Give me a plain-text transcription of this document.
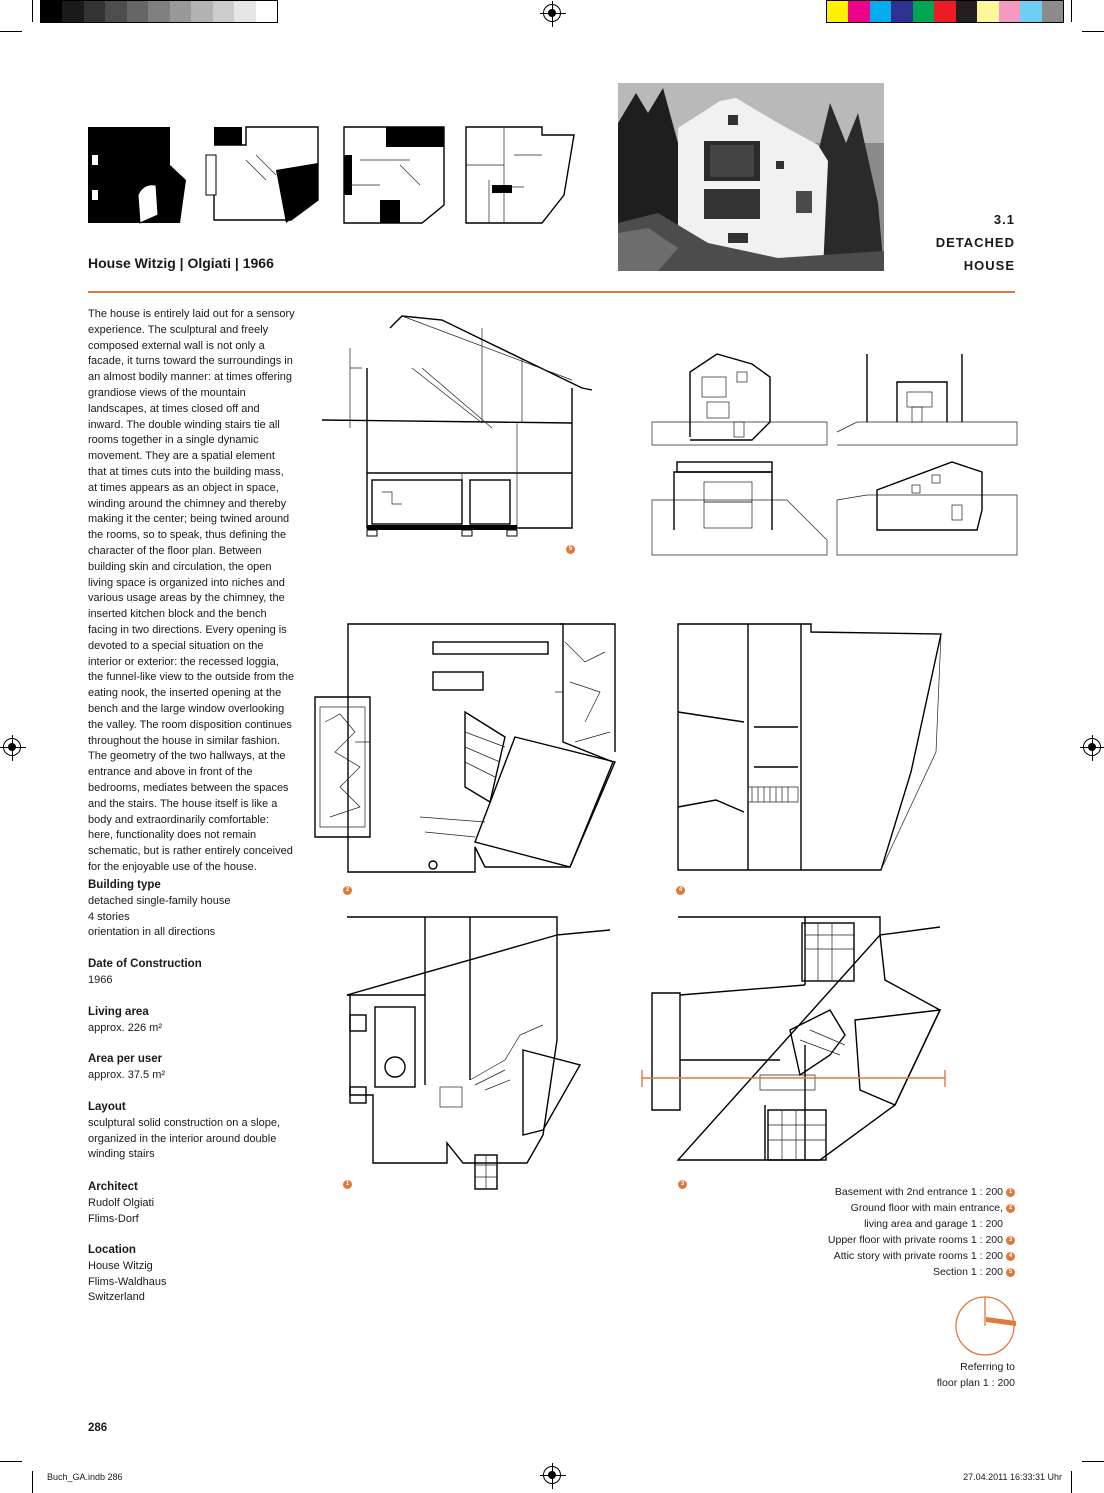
House Witzig | Olgiati | 1966
3.1
DETACHED
HOUSE
The house is entirely laid out for a sensory experience. The sculptural and freely composed external wall is not only a facade, it turns toward the surroundings in an almost bodily manner: at times offering grandiose views of the mountain landscapes, at times closed off and inward. The double winding stairs tie all rooms together in a single dynamic movement. They are a spatial element that at times cuts into the building mass, at times appears as an object in space, winding around the chimney and thereby making it the center; being twined around the rooms, so to speak, thus defining the character of the floor plan. Between building skin and circulation, the open living space is organized into niches and various usage areas by the chimney, the inserted kitchen block and the bench facing in two directions. Every opening is devoted to a special situation on the interior or exterior: the recessed loggia, the funnel-like view to the outside from the eating nook, the inserted opening at the bench and the large window overlooking the valley. The room disposition continues throughout the house in similar fashion. The geometry of the two hallways, at the entrance and above in front of the bedrooms, mediates between the spaces and the stairs. The house itself is like a body and extraordinarily comfortable: here, functionality does not remain schematic, but is rather entirely conceived for the enjoyable use of the house.
Building type
detached single-family house
4 stories
orientation in all directions
Date of Construction
1966
Living area
approx. 226 m²
Area per user
approx. 37.5 m²
Layout
sculptural solid construction on a slope,
organized in the interior around double
winding stairs
Architect
Rudolf Olgiati
Flims-Dorf
Location
House Witzig
Flims-Waldhaus
Switzerland
5
2	4
1	3
Basement with 2nd entrance 1 : 200 1
Ground floor with main entrance, 2
living area and garage 1 : 200
Upper floor with private rooms 1 : 200 3
Attic story with private rooms 1 : 200 4
Section 1 : 200 5
Referring to
floor plan 1 : 200
286
Buch_GA.indb 286	27.04.2011 16:33:31 Uhr
